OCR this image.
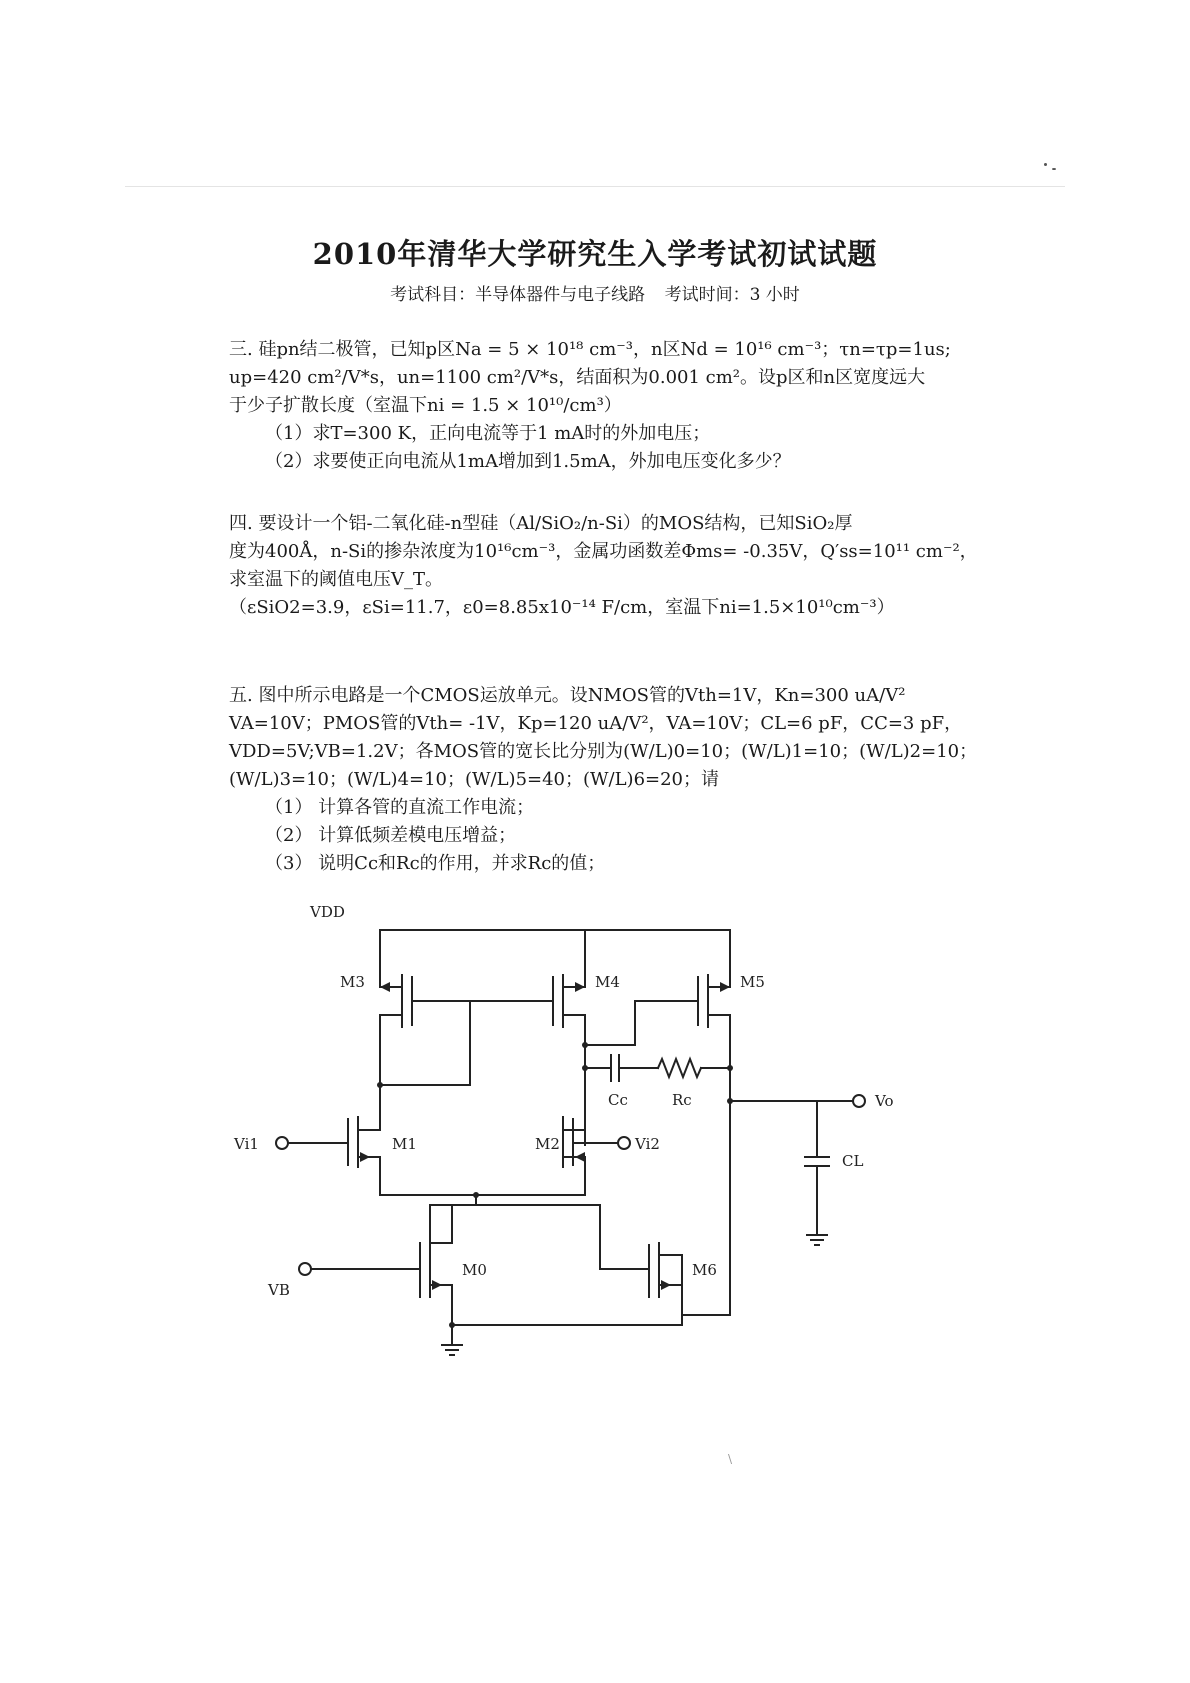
2010年清华大学研究生入学考试初试试题
考试科目：半导体器件与电子线路 考试时间：3 小时

三. 硅pn结二极管，已知p区Na = 5 × 10¹⁸ cm⁻³，n区Nd = 10¹⁶ cm⁻³；τn=τp=1us;

up=420 cm²/V*s，un=1100 cm²/V*s，结面积为0.001 cm²。设p区和n区宽度远大

于少子扩散长度（室温下ni = 1.5 × 10¹⁰/cm³）

（1）求T=300 K，正向电流等于1 mA时的外加电压；

（2）求要使正向电流从1mA增加到1.5mA，外加电压变化多少？

四. 要设计一个铝-二氧化硅-n型硅（Al/SiO₂/n-Si）的MOS结构，已知SiO₂厚

度为400Å，n-Si的掺杂浓度为10¹⁶cm⁻³，金属功函数差Φms= -0.35V，Q′ss=10¹¹ cm⁻²，

求室温下的阈值电压V_T。

（εSiO2=3.9，εSi=11.7，ε0=8.85x10⁻¹⁴ F/cm，室温下ni=1.5×10¹⁰cm⁻³）

五. 图中所示电路是一个CMOS运放单元。设NMOS管的Vth=1V，Kn=300 uA/V²

VA=10V；PMOS管的Vth= -1V，Kp=120 uA/V²，VA=10V；CL=6 pF，CC=3 pF，

VDD=5V;VB=1.2V；各MOS管的宽长比分别为(W/L)0=10；(W/L)1=10；(W/L)2=10；

(W/L)3=10；(W/L)4=10；(W/L)5=40；(W/L)6=20；请

（1） 计算各管的直流工作电流；

（2） 计算低频差模电压增益；

（3） 说明Cc和Rc的作用，并求Rc的值；

VDD
M3	M4	M5
Cc	Rc	Vo
Vi1	M1	M2	Vi2
CL
VB
M0	M6
\
